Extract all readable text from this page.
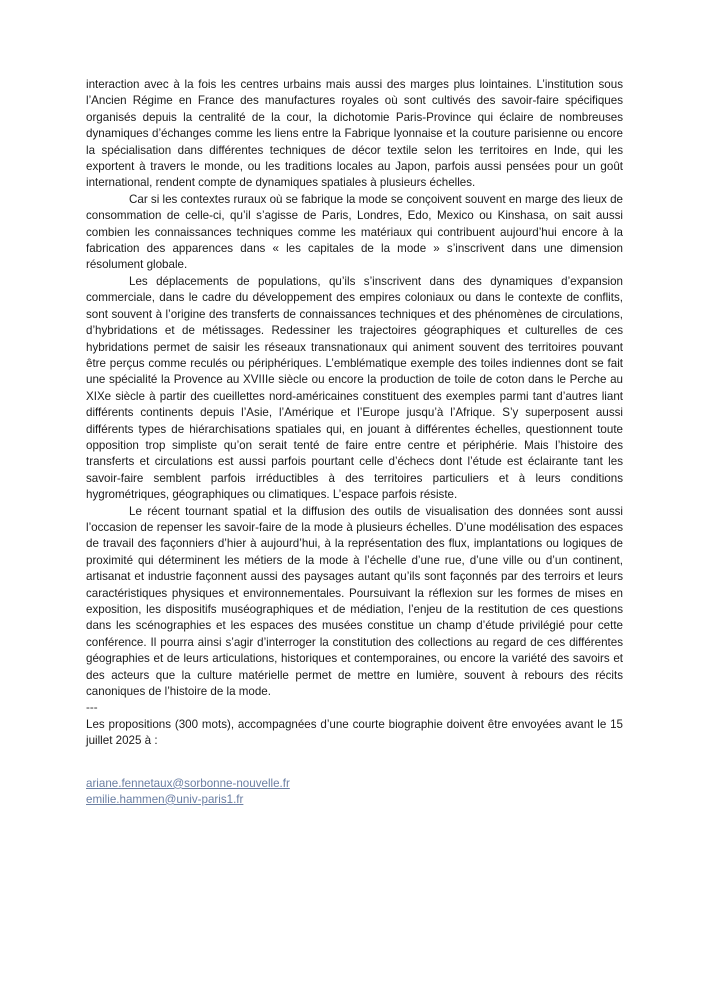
interaction avec à la fois les centres urbains mais aussi des marges plus lointaines. L’institution sous l’Ancien Régime en France des manufactures royales où sont cultivés des savoir-faire spécifiques organisés depuis la centralité de la cour, la dichotomie Paris-Province qui éclaire de nombreuses dynamiques d’échanges comme les liens entre la Fabrique lyonnaise et la couture parisienne ou encore la spécialisation dans différentes techniques de décor textile selon les territoires en Inde, qui les exportent à travers le monde, ou les traditions locales au Japon, parfois aussi pensées pour un goût international, rendent compte de dynamiques spatiales à plusieurs échelles.

Car si les contextes ruraux où se fabrique la mode se conçoivent souvent en marge des lieux de consommation de celle-ci, qu’il s’agisse de Paris, Londres, Edo, Mexico ou Kinshasa, on sait aussi combien les connaissances techniques comme les matériaux qui contribuent aujourd’hui encore à la fabrication des apparences dans « les capitales de la mode » s’inscrivent dans une dimension résolument globale.

Les déplacements de populations, qu’ils s’inscrivent dans des dynamiques d’expansion commerciale, dans le cadre du développement des empires coloniaux ou dans le contexte de conflits, sont souvent à l’origine des transferts de connaissances techniques et des phénomènes de circulations, d’hybridations et de métissages. Redessiner les trajectoires géographiques et culturelles de ces hybridations permet de saisir les réseaux transnationaux qui animent souvent des territoires pouvant être perçus comme reculés ou périphériques. L’emblématique exemple des toiles indiennes dont se fait une spécialité la Provence au XVIIIe siècle ou encore la production de toile de coton dans le Perche au XIXe siècle à partir des cueillettes nord-américaines constituent des exemples parmi tant d’autres liant différents continents depuis l’Asie, l’Amérique et l’Europe jusqu’à l’Afrique. S’y superposent aussi différents types de hiérarchisations spatiales qui, en jouant à différentes échelles, questionnent toute opposition trop simpliste qu’on serait tenté de faire entre centre et périphérie. Mais l’histoire des transferts et circulations est aussi parfois pourtant celle d’échecs dont l’étude est éclairante tant les savoir-faire semblent parfois irréductibles à des territoires particuliers et à leurs conditions hygrométriques, géographiques ou climatiques. L’espace parfois résiste.

Le récent tournant spatial et la diffusion des outils de visualisation des données sont aussi l’occasion de repenser les savoir-faire de la mode à plusieurs échelles. D’une modélisation des espaces de travail des façonniers d’hier à aujourd’hui, à la représentation des flux, implantations ou logiques de proximité qui déterminent les métiers de la mode à l’échelle d’une rue, d’une ville ou d’un continent, artisanat et industrie façonnent aussi des paysages autant qu’ils sont façonnés par des terroirs et leurs caractéristiques physiques et environnementales. Poursuivant la réflexion sur les formes de mises en exposition, les dispositifs muséographiques et de médiation, l’enjeu de la restitution de ces questions dans les scénographies et les espaces des musées constitue un champ d’étude privilégié pour cette conférence. Il pourra ainsi s’agir d’interroger la constitution des collections au regard de ces différentes géographies et de leurs articulations, historiques et contemporaines, ou encore la variété des savoirs et des acteurs que la culture matérielle permet de mettre en lumière, souvent à rebours des récits canoniques de l’histoire de la mode.

---

Les propositions (300 mots), accompagnées d’une courte biographie doivent être envoyées avant le 15 juillet 2025 à :

ariane.fennetaux@sorbonne-nouvelle.fr
emilie.hammen@univ-paris1.fr
